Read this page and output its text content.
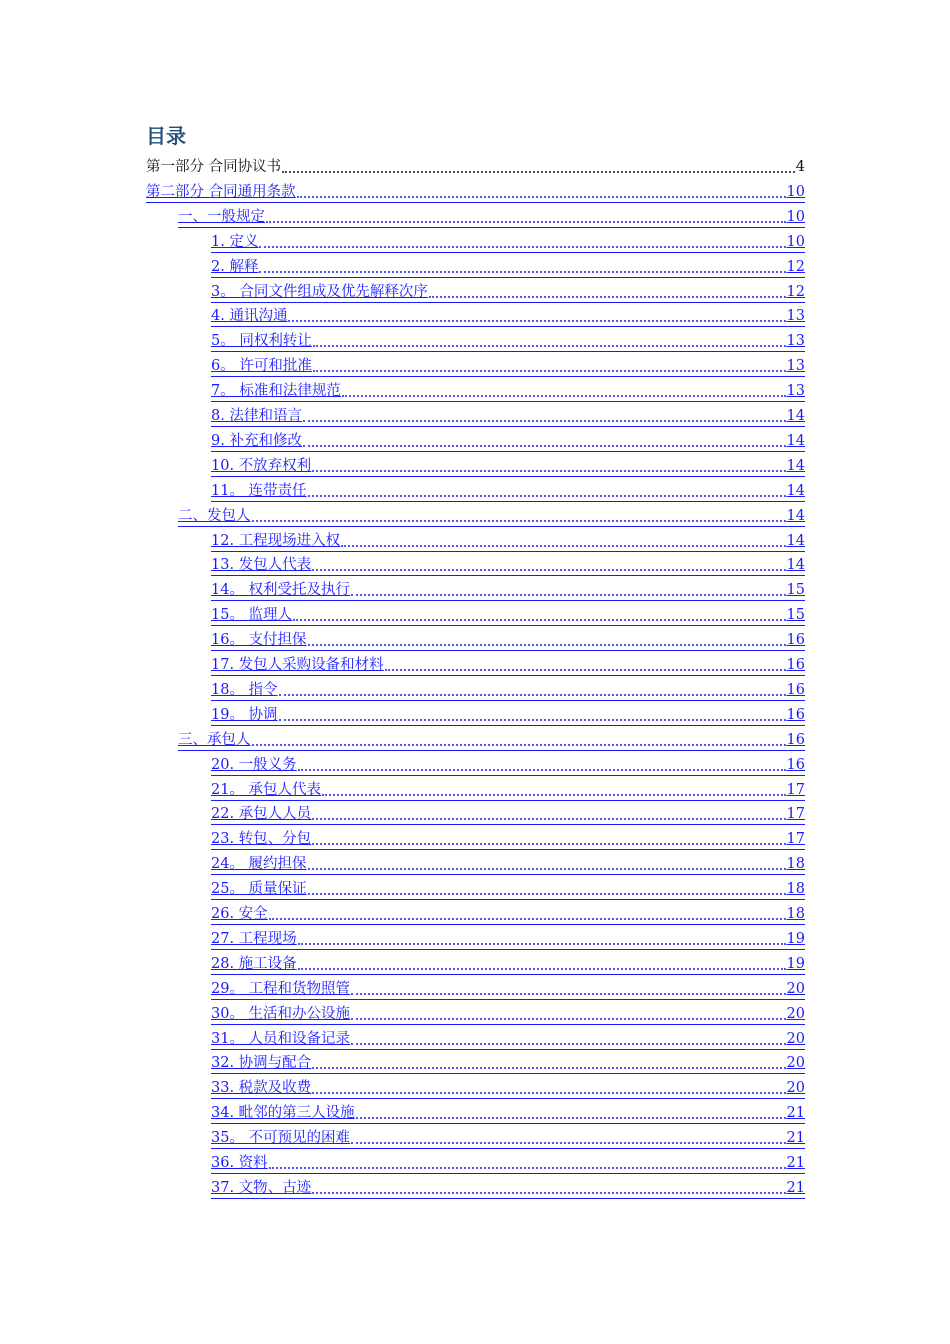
目录
第一部分 合同协议书	4
第二部分 合同通用条款	10
一、一般规定	10
1. 定义	10
2. 解释	12
3。 合同文件组成及优先解释次序	12
4. 通讯沟通	13
5。 同权利转让	13
6。 许可和批准	13
7。 标准和法律规范	13
8. 法律和语言	14
9. 补充和修改	14
10. 不放弃权利	14
11。 连带责任	14
二、发包人	14
12. 工程现场进入权	14
13. 发包人代表	14
14。 权利受托及执行	15
15。 监理人	15
16。 支付担保	16
17. 发包人采购设备和材料	16
18。 指令	16
19。 协调	16
三、承包人	16
20. 一般义务	16
21。 承包人代表	17
22. 承包人人员	17
23. 转包、分包	17
24。 履约担保	18
25。 质量保证	18
26. 安全	18
27. 工程现场	19
28. 施工设备	19
29。 工程和货物照管	20
30。 生活和办公设施	20
31。 人员和设备记录	20
32. 协调与配合	20
33. 税款及收费	20
34. 毗邻的第三人设施	21
35。 不可预见的困难	21
36. 资料	21
37. 文物、古迹	21
